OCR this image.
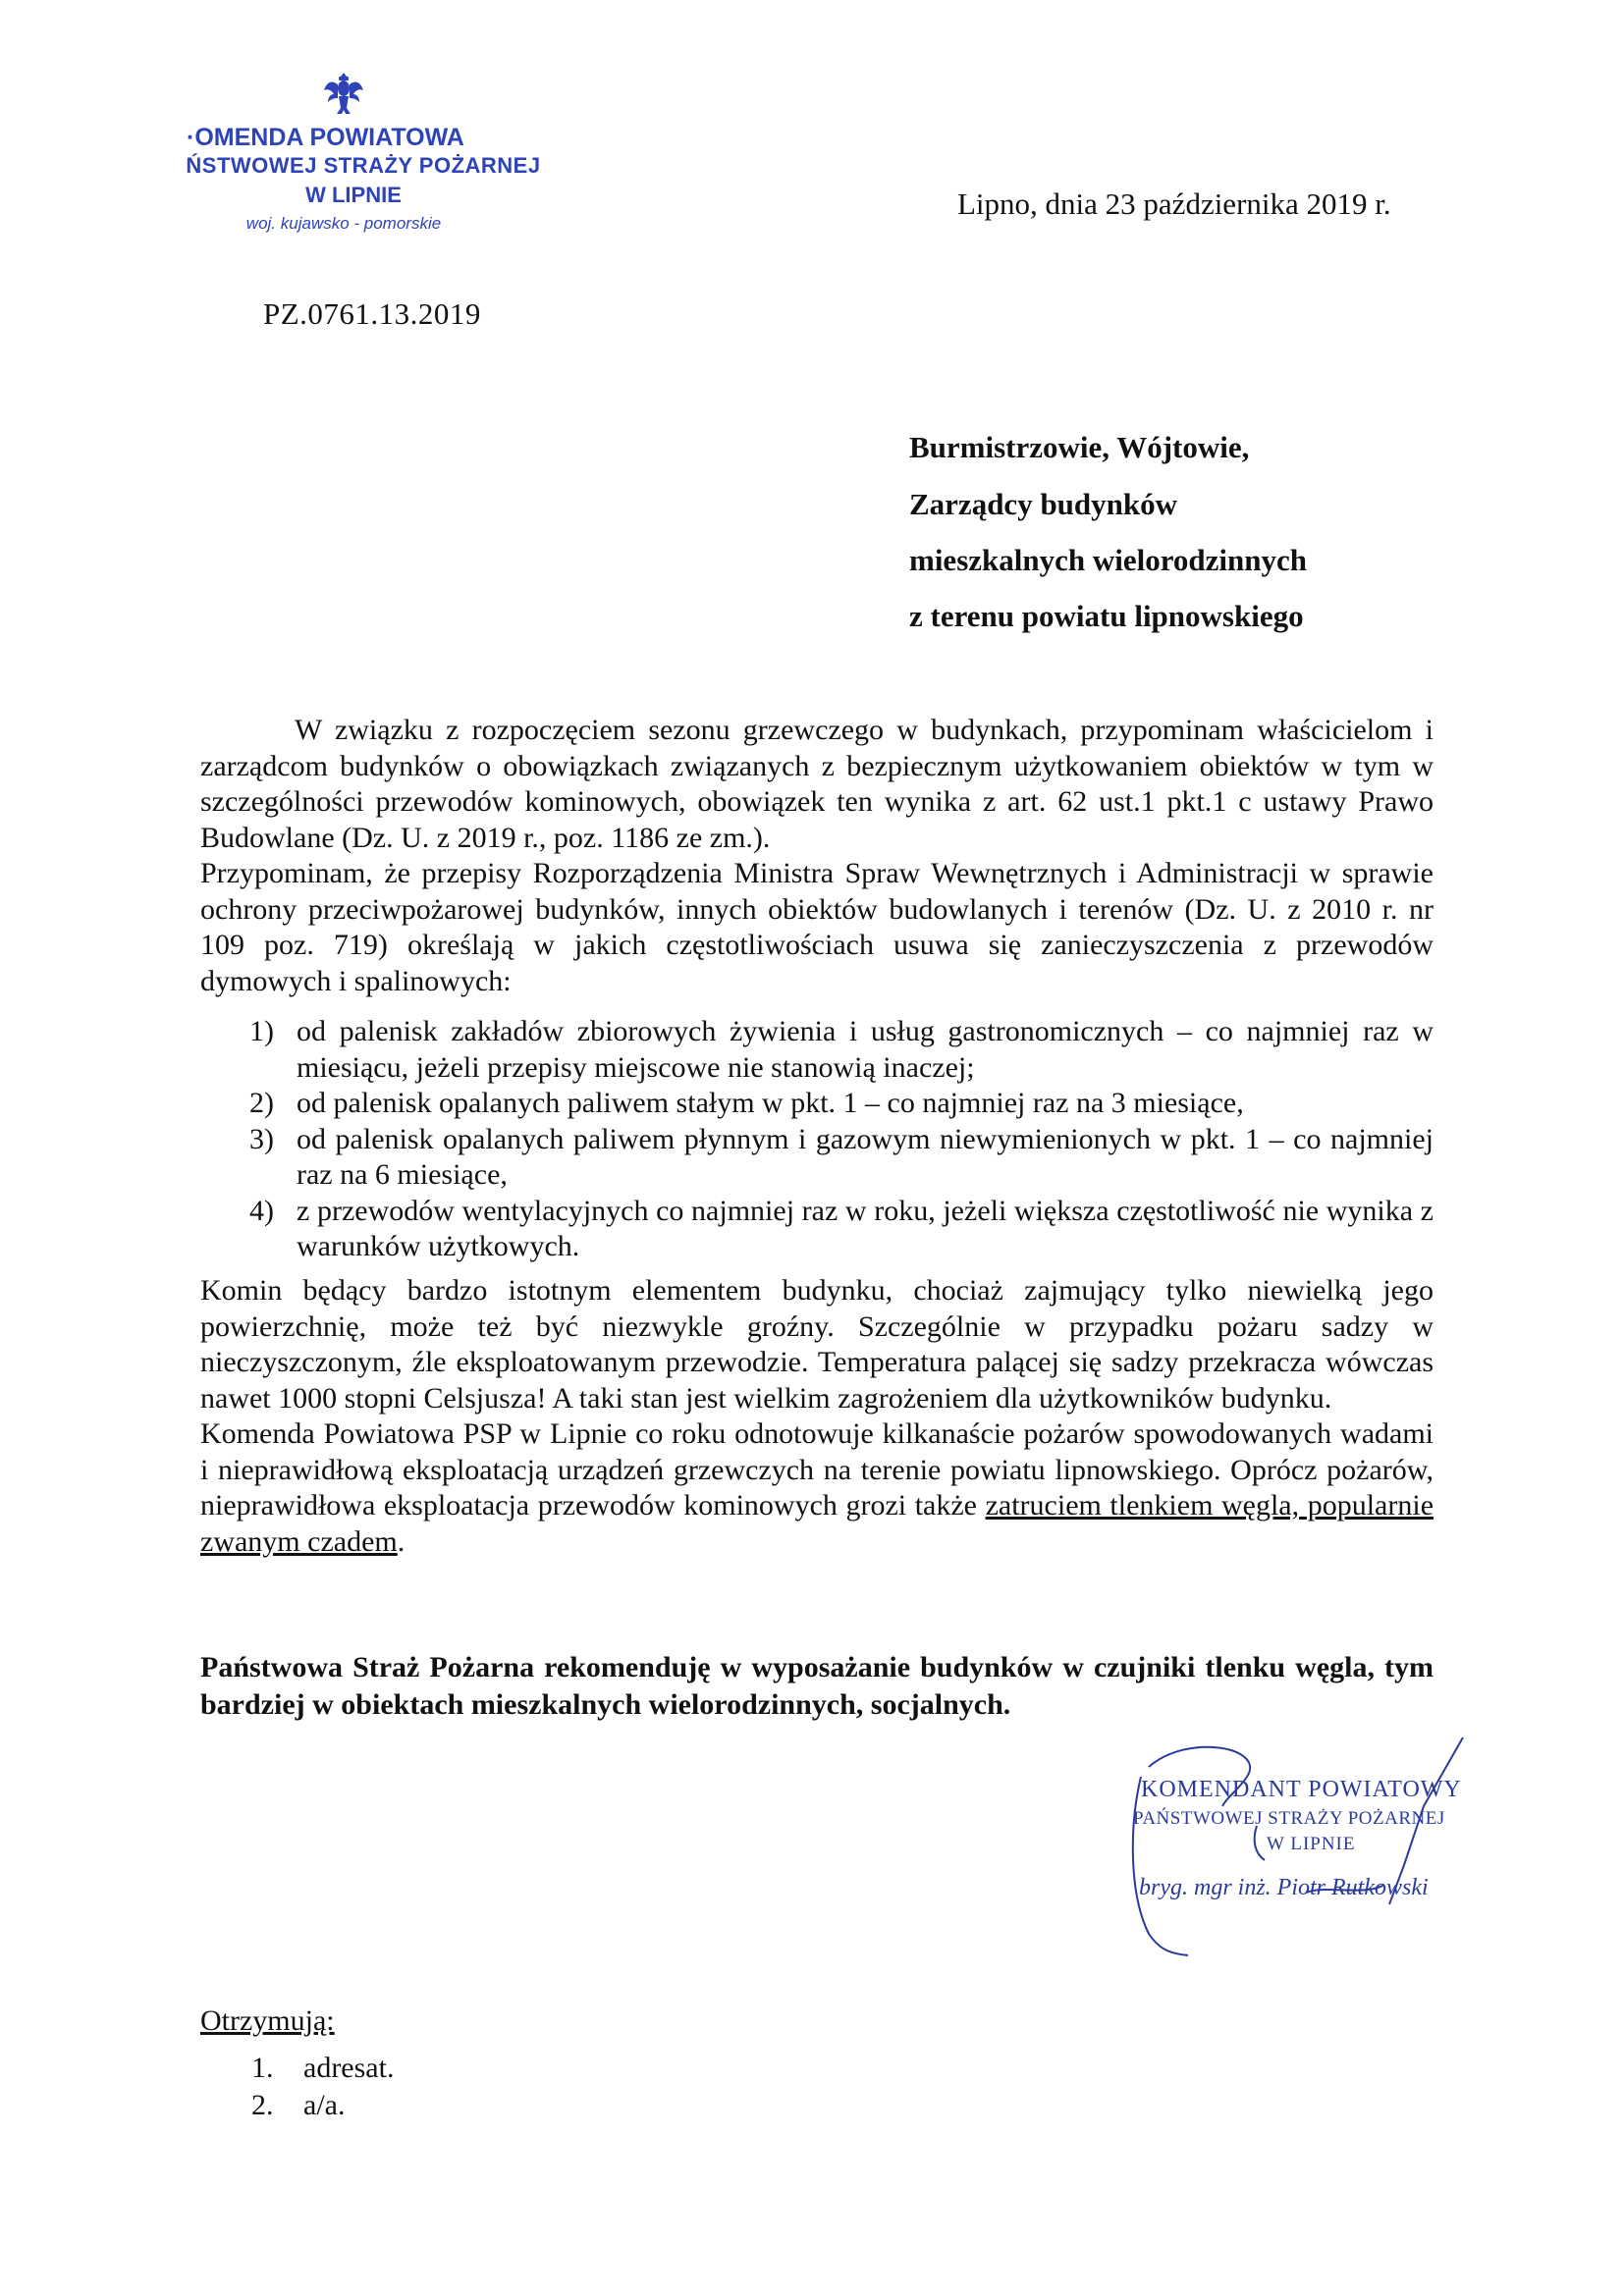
·OMENDA POWIATOWA
ŃSTWOWEJ STRAŻY POŻARNEJ
W LIPNIE
woj. kujawsko - pomorskie
Lipno, dnia 23 października 2019 r.
PZ.0761.13.2019
Burmistrzowie, Wójtowie,
Zarządcy budynków
mieszkalnych wielorodzinnych
z terenu powiatu lipnowskiego

W związku z rozpoczęciem sezonu grzewczego w budynkach, przypominam właścicielom i zarządcom budynków o obowiązkach związanych z bezpiecznym użytkowaniem obiektów w tym w szczególności przewodów kominowych, obowiązek ten wynika z art. 62 ust.1 pkt.1 c ustawy Prawo Budowlane (Dz. U. z 2019 r., poz. 1186 ze zm.).

Przypominam, że przepisy Rozporządzenia Ministra Spraw Wewnętrznych i Administracji w sprawie ochrony przeciwpożarowej budynków, innych obiektów budowlanych i terenów (Dz. U. z 2010 r. nr 109 poz. 719) określają w jakich częstotliwościach usuwa się zanieczyszczenia z przewodów dymowych i spalinowych:

1) od palenisk zakładów zbiorowych żywienia i usług gastronomicznych – co najmniej raz w miesiącu, jeżeli przepisy miejscowe nie stanowią inaczej;
2) od palenisk opalanych paliwem stałym w pkt. 1 – co najmniej raz na 3 miesiące,
3) od palenisk opalanych paliwem płynnym i gazowym niewymienionych w pkt. 1 – co najmniej raz na 6 miesiące,
4) z przewodów wentylacyjnych co najmniej raz w roku, jeżeli większa częstotliwość nie wynika z warunków użytkowych.

Komin będący bardzo istotnym elementem budynku, chociaż zajmujący tylko niewielką jego powierzchnię, może też być niezwykle groźny. Szczególnie w przypadku pożaru sadzy w nieczyszczonym, źle eksploatowanym przewodzie. Temperatura palącej się sadzy przekracza wówczas nawet 1000 stopni Celsjusza! A taki stan jest wielkim zagrożeniem dla użytkowników budynku.

Komenda Powiatowa PSP w Lipnie co roku odnotowuje kilkanaście pożarów spowodowanych wadami i nieprawidłową eksploatacją urządzeń grzewczych na terenie powiatu lipnowskiego. Oprócz pożarów, nieprawidłowa eksploatacja przewodów kominowych grozi także zatruciem tlenkiem węgla, popularnie zwanym czadem.

Państwowa Straż Pożarna rekomenduję w wyposażanie budynków w czujniki tlenku węgla, tym bardziej w obiektach mieszkalnych wielorodzinnych, socjalnych.
KOMENDANT POWIATOWY
PAŃSTWOWEJ STRAŻY POŻARNEJ
W LIPNIE
bryg. mgr inż. Piotr Rutkowski
Otrzymują:
1. adresat.
2. a/a.
